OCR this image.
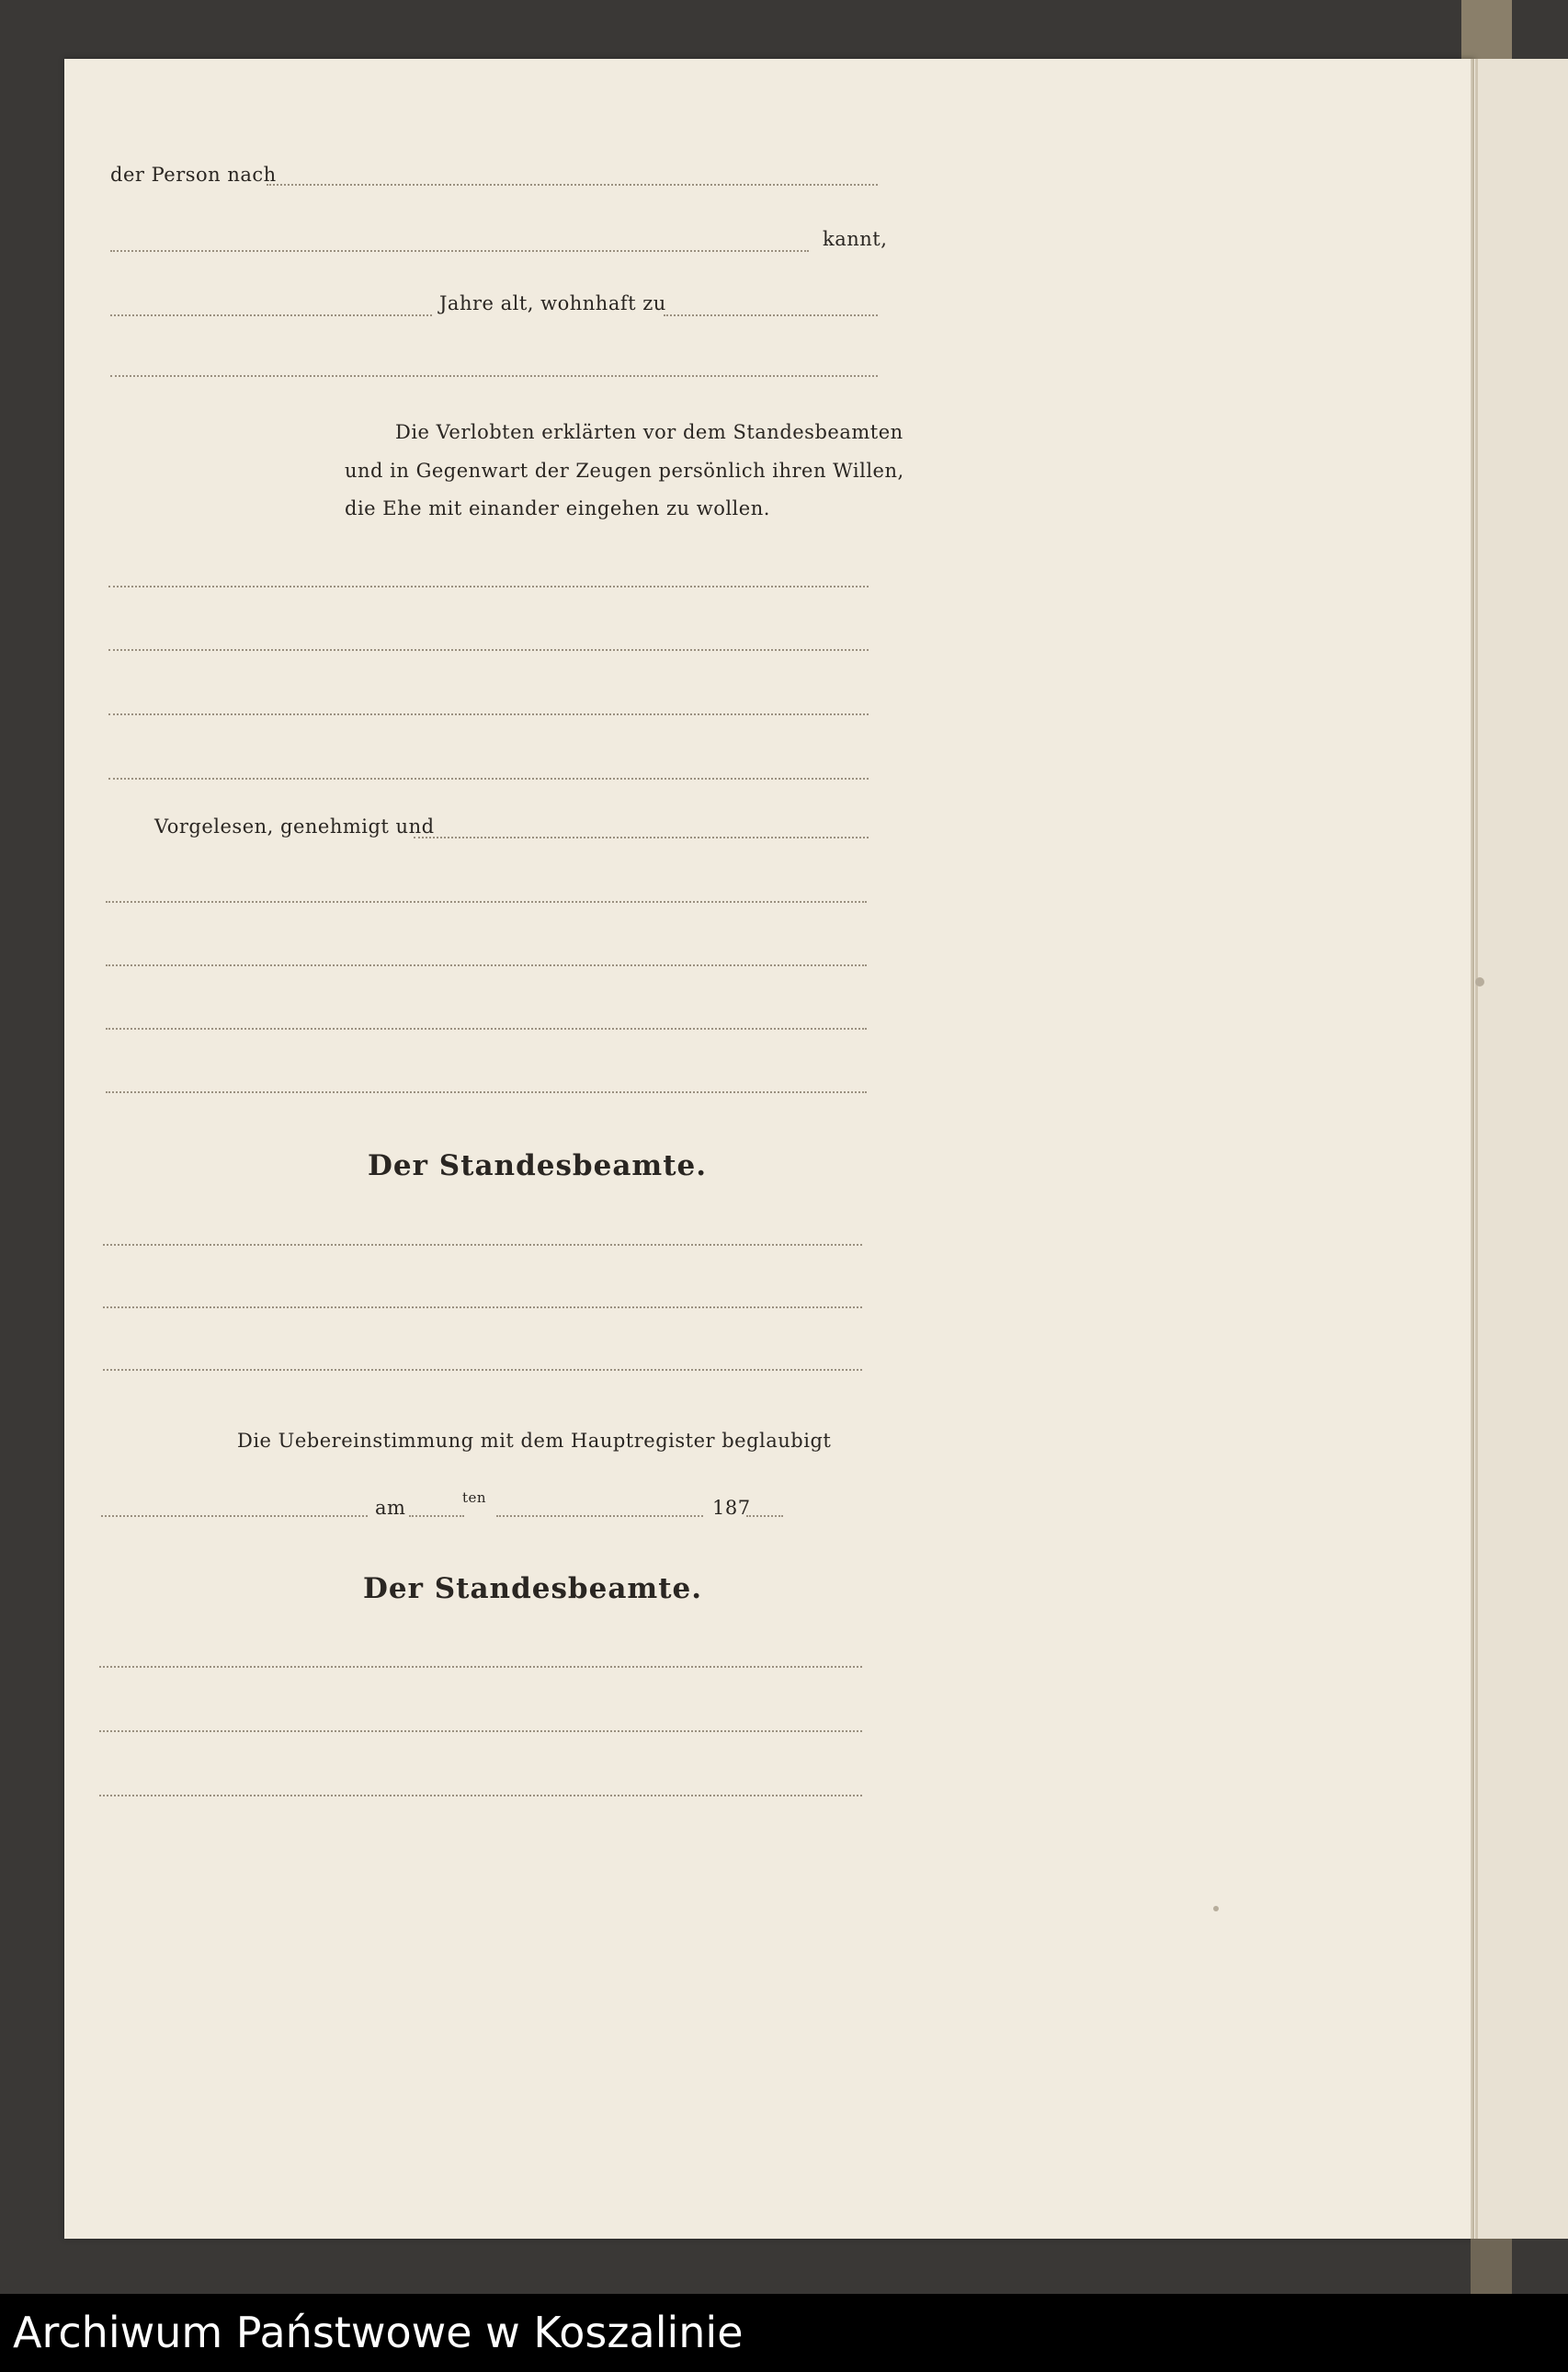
der Person nach
kannt,
Jahre alt, wohnhaft zu
Die Verlobten erklärten vor dem Standesbeamten
und in Gegenwart der Zeugen persönlich ihren Willen,
die Ehe mit einander eingehen zu wollen.
Vorgelesen, genehmigt und
Der Standesbeamte.
Die Uebereinstimmung mit dem Hauptregister beglaubigt
am	ten	187
Der Standesbeamte.
Archiwum Państwowe w Koszalinie
